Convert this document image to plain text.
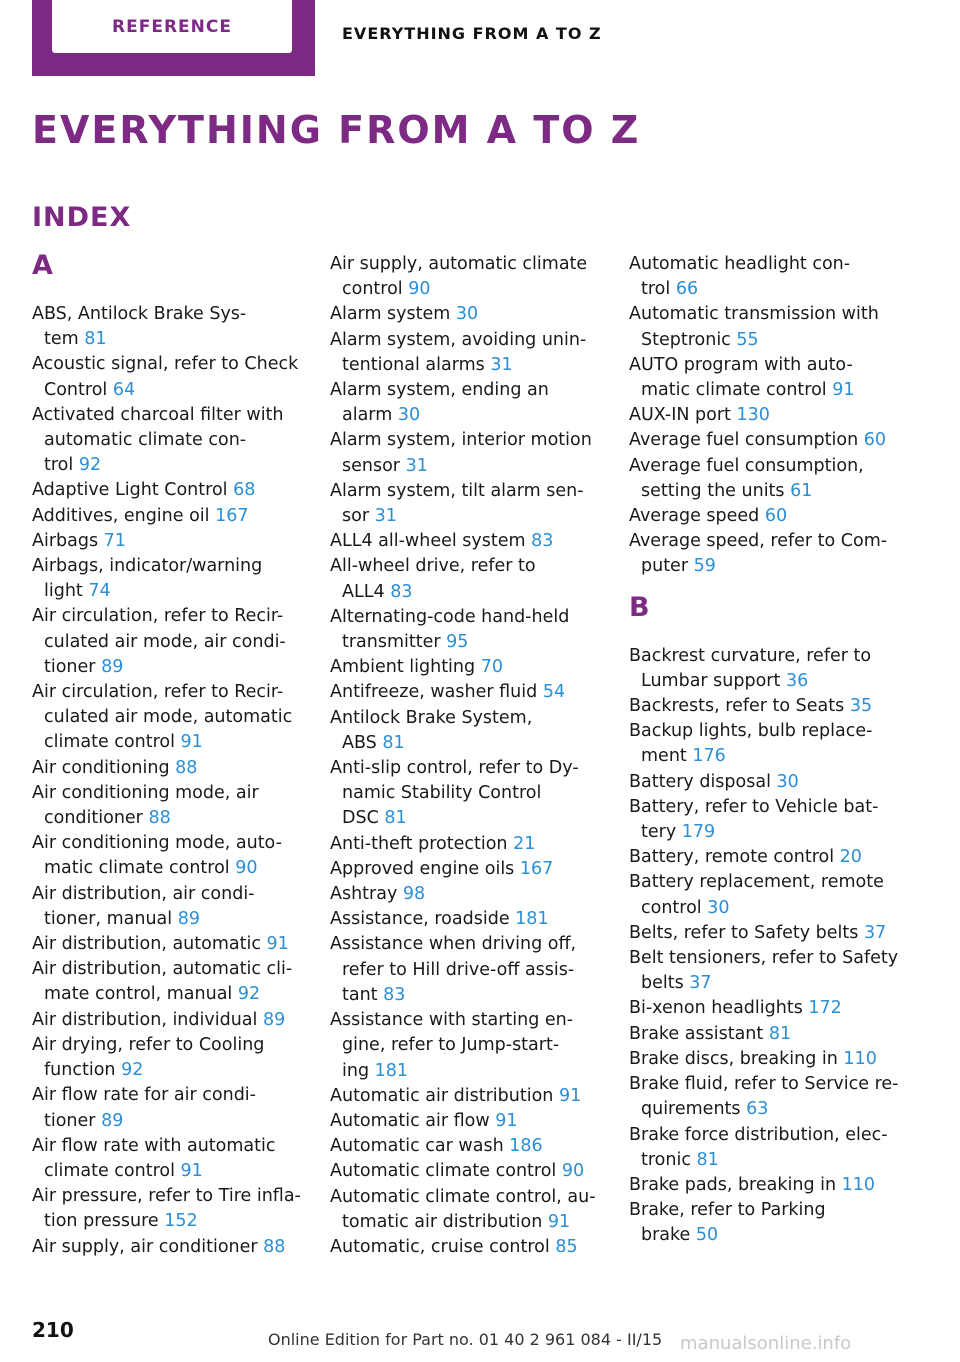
REFERENCE	EVERYTHING FROM A TO Z
EVERYTHING FROM A TO Z
INDEX
A
ABS, Antilock Brake Sys-
tem 81
Acoustic signal, refer to Check
Control 64
Activated charcoal filter with
automatic climate con-
trol 92
Adaptive Light Control 68
Additives, engine oil 167
Airbags 71
Airbags, indicator/warning
light 74
Air circulation, refer to Recir-
culated air mode, air condi-
tioner 89
Air circulation, refer to Recir-
culated air mode, automatic
climate control 91
Air conditioning 88
Air conditioning mode, air
conditioner 88
Air conditioning mode, auto-
matic climate control 90
Air distribution, air condi-
tioner, manual 89
Air distribution, automatic 91
Air distribution, automatic cli-
mate control, manual 92
Air distribution, individual 89
Air drying, refer to Cooling
function 92
Air flow rate for air condi-
tioner 89
Air flow rate with automatic
climate control 91
Air pressure, refer to Tire infla-
tion pressure 152
Air supply, air conditioner 88
Air supply, automatic climate
control 90
Alarm system 30
Alarm system, avoiding unin-
tentional alarms 31
Alarm system, ending an
alarm 30
Alarm system, interior motion
sensor 31
Alarm system, tilt alarm sen-
sor 31
ALL4 all-wheel system 83
All-wheel drive, refer to
ALL4 83
Alternating-code hand-held
transmitter 95
Ambient lighting 70
Antifreeze, washer fluid 54
Antilock Brake System,
ABS 81
Anti-slip control, refer to Dy-
namic Stability Control
DSC 81
Anti-theft protection 21
Approved engine oils 167
Ashtray 98
Assistance, roadside 181
Assistance when driving off,
refer to Hill drive-off assis-
tant 83
Assistance with starting en-
gine, refer to Jump-start-
ing 181
Automatic air distribution 91
Automatic air flow 91
Automatic car wash 186
Automatic climate control 90
Automatic climate control, au-
tomatic air distribution 91
Automatic, cruise control 85
Automatic headlight con-
trol 66
Automatic transmission with
Steptronic 55
AUTO program with auto-
matic climate control 91
AUX-IN port 130
Average fuel consumption 60
Average fuel consumption,
setting the units 61
Average speed 60
Average speed, refer to Com-
puter 59
B
Backrest curvature, refer to
Lumbar support 36
Backrests, refer to Seats 35
Backup lights, bulb replace-
ment 176
Battery disposal 30
Battery, refer to Vehicle bat-
tery 179
Battery, remote control 20
Battery replacement, remote
control 30
Belts, refer to Safety belts 37
Belt tensioners, refer to Safety
belts 37
Bi-xenon headlights 172
Brake assistant 81
Brake discs, breaking in 110
Brake fluid, refer to Service re-
quirements 63
Brake force distribution, elec-
tronic 81
Brake pads, breaking in 110
Brake, refer to Parking
brake 50
210	Online Edition for Part no. 01 40 2 961 084 - II/15 manualsonline.info
